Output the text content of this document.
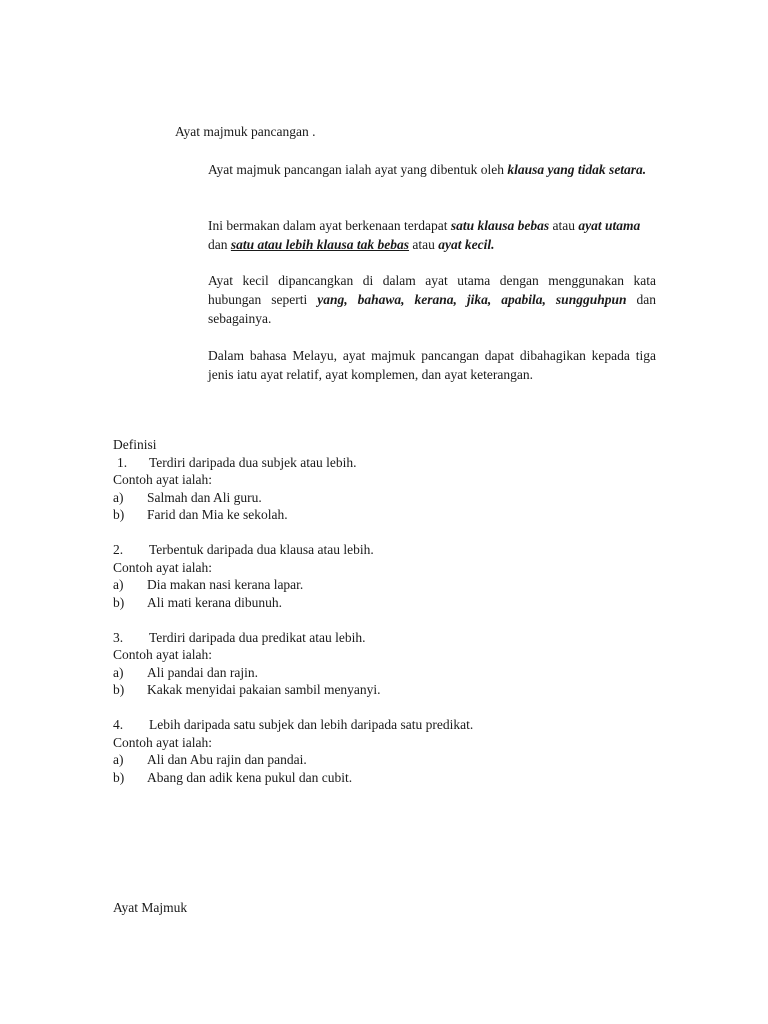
Ayat majmuk pancangan .
Ayat majmuk pancangan ialah ayat yang dibentuk oleh klausa yang tidak setara.
Ini bermakan dalam ayat berkenaan terdapat satu klausa bebas atau ayat utama dan satu atau lebih klausa tak bebas atau ayat kecil.
Ayat kecil dipancangkan di dalam ayat utama dengan menggunakan kata hubungan seperti yang, bahawa, kerana, jika, apabila, sungguhpun dan sebagainya.
Dalam bahasa Melayu, ayat majmuk pancangan dapat dibahagikan kepada tiga jenis iatu ayat relatif, ayat komplemen, dan ayat keterangan.
Definisi
1. Terdiri daripada dua subjek atau lebih.
Contoh ayat ialah:
a) Salmah dan Ali guru.
b) Farid dan Mia ke sekolah.
2. Terbentuk daripada dua klausa atau lebih.
Contoh ayat ialah:
a) Dia makan nasi kerana lapar.
b) Ali mati kerana dibunuh.
3. Terdiri daripada dua predikat atau lebih.
Contoh ayat ialah:
a) Ali pandai dan rajin.
b) Kakak menyidai pakaian sambil menyanyi.
4. Lebih daripada satu subjek dan lebih daripada satu predikat.
Contoh ayat ialah:
a) Ali dan Abu rajin dan pandai.
b) Abang dan adik kena pukul dan cubit.
Ayat Majmuk
